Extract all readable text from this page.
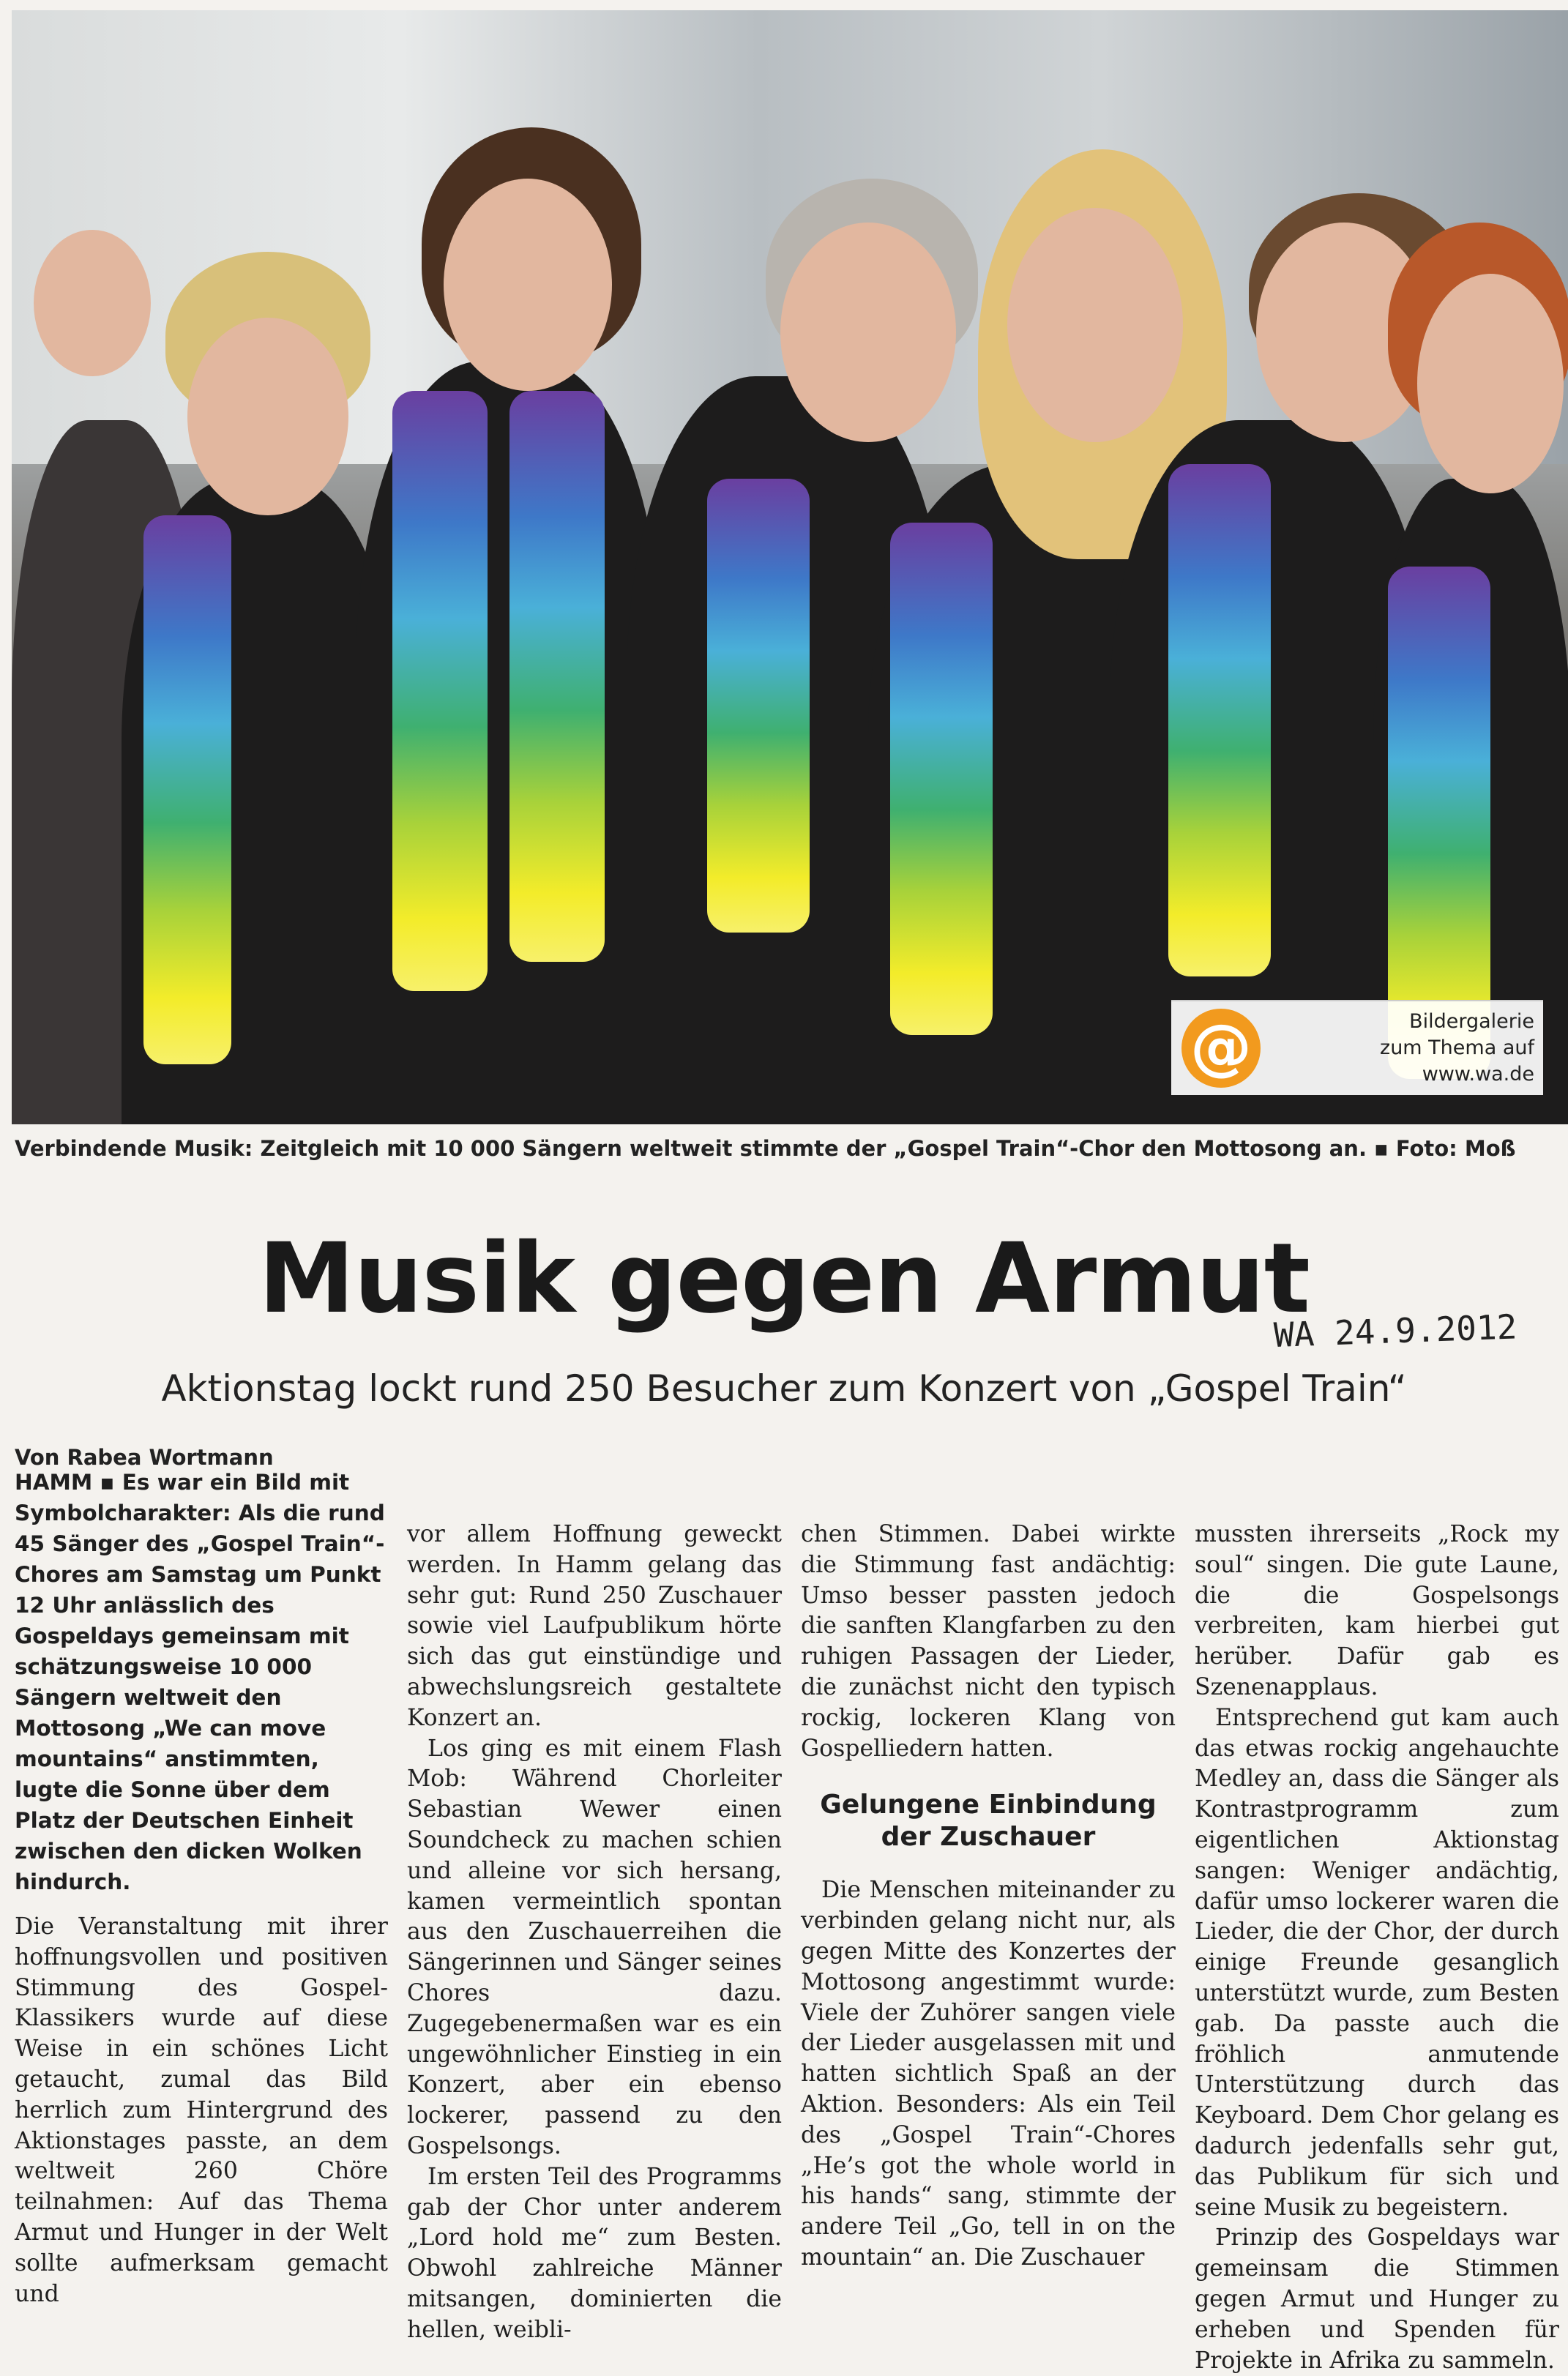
@	Bildergalerie
zum Thema auf
www.wa.de
Verbindende Musik: Zeitgleich mit 10 000 Sängern weltweit stimmte der „Gospel Train“-Chor den Mottosong an. ▪ Foto: Moß
Musik gegen Armut
WA 24.9.2012
Aktionstag lockt rund 250 Besucher zum Konzert von „Gospel Train“
Von Rabea Wortmann

HAMM ▪ Es war ein Bild mit Symbolcharakter: Als die rund 45 Sänger des „Gospel Train“-Chores am Samstag um Punkt 12 Uhr anlässlich des Gospeldays gemeinsam mit schätzungsweise 10 000 Sängern weltweit den Mottosong „We can move mountains“ anstimmten, lugte die Sonne über dem Platz der Deutschen Einheit zwischen den dicken Wolken hindurch.

Die Veranstaltung mit ihrer hoffnungsvollen und positiven Stimmung des Gospel-Klassikers wurde auf diese Weise in ein schönes Licht getaucht, zumal das Bild herrlich zum Hintergrund des Aktionstages passte, an dem weltweit 260 Chöre teilnahmen: Auf das Thema Armut und Hunger in der Welt sollte aufmerksam gemacht und

vor allem Hoffnung geweckt werden. In Hamm gelang das sehr gut: Rund 250 Zuschauer sowie viel Laufpublikum hörte sich das gut einstündige und abwechslungsreich gestaltete Konzert an.

Los ging es mit einem Flash Mob: Während Chorleiter Sebastian Wewer einen Soundcheck zu machen schien und alleine vor sich hersang, kamen vermeintlich spontan aus den Zuschauerreihen die Sängerinnen und Sänger seines Chores dazu. Zugegebenermaßen war es ein ungewöhnlicher Einstieg in ein Konzert, aber ein ebenso lockerer, passend zu den Gospelsongs.

Im ersten Teil des Programms gab der Chor unter anderem „Lord hold me“ zum Besten. Obwohl zahlreiche Männer mitsangen, dominierten die hellen, weibli-

chen Stimmen. Dabei wirkte die Stimmung fast andächtig: Umso besser passten jedoch die sanften Klangfarben zu den ruhigen Passagen der Lieder, die zunächst nicht den typisch rockig, lockeren Klang von Gospelliedern hatten.

Gelungene Einbindung der Zuschauer

Die Menschen miteinander zu verbinden gelang nicht nur, als gegen Mitte des Konzertes der Mottosong angestimmt wurde: Viele der Zuhörer sangen viele der Lieder ausgelassen mit und hatten sichtlich Spaß an der Aktion. Besonders: Als ein Teil des „Gospel Train“-Chores „He’s got the whole world in his hands“ sang, stimmte der andere Teil „Go, tell in on the mountain“ an. Die Zuschauer

mussten ihrerseits „Rock my soul“ singen. Die gute Laune, die die Gospelsongs verbreiten, kam hierbei gut herüber. Dafür gab es Szenenapplaus.

Entsprechend gut kam auch das etwas rockig angehauchte Medley an, dass die Sänger als Kontrastprogramm zum eigentlichen Aktionstag sangen: Weniger andächtig, dafür umso lockerer waren die Lieder, die der Chor, der durch einige Freunde gesanglich unterstützt wurde, zum Besten gab. Da passte auch die fröhlich anmutende Unterstützung durch das Keyboard. Dem Chor gelang es dadurch jedenfalls sehr gut, das Publikum für sich und seine Musik zu begeistern.

Prinzip des Gospeldays war gemeinsam die Stimmen gegen Armut und Hunger zu erheben und Spenden für Projekte in Afrika zu sammeln.
